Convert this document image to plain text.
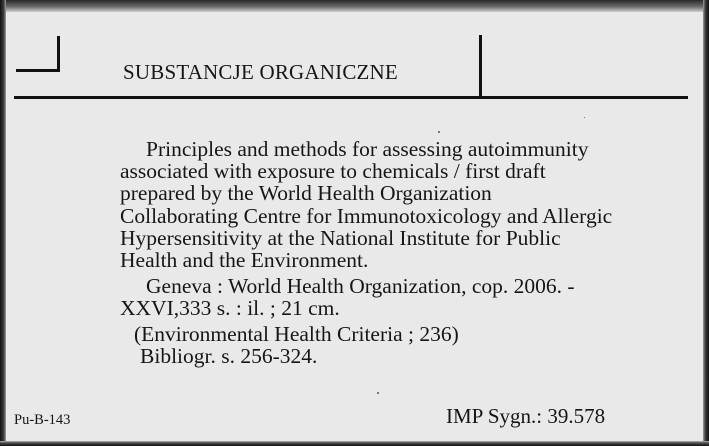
SUBSTANCJE ORGANICZNE

Principles and methods for assessing autoimmunity
associated with exposure to chemicals / first draft
prepared by the World Health Organization
Collaborating Centre for Immunotoxicology and Allergic
Hypersensitivity at the National Institute for Public
Health and the Environment.

Geneva : World Health Organization, cop. 2006. -
XXVI,333 s. : il. ; 21 cm.

(Environmental Health Criteria ; 236)
Bibliogr. s. 256-324.
Pu-B-143	IMP Sygn.: 39.578
